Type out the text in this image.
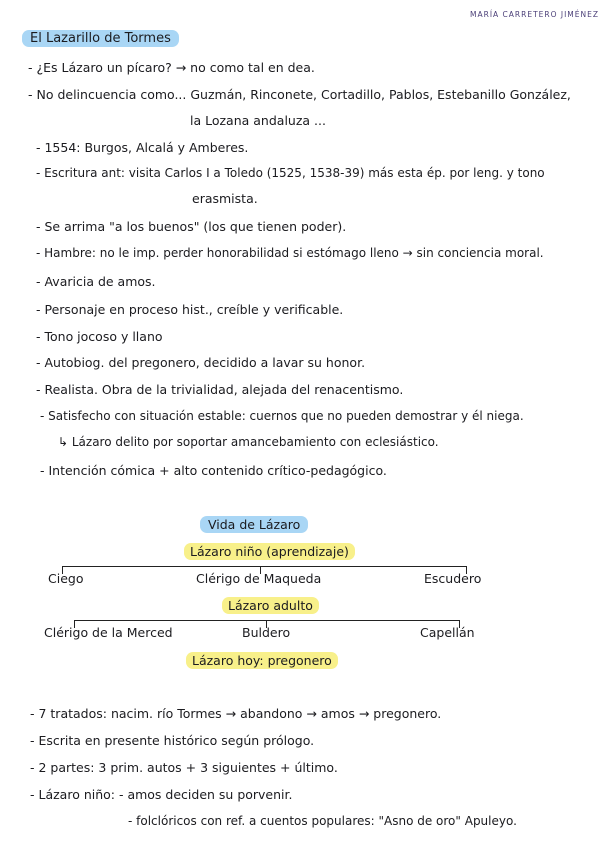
MARÍA CARRETERO JIMÉNEZ
El Lazarillo de Tormes
- ¿Es Lázaro un pícaro? → no como tal en dea.
- No delincuencia como... Guzmán, Rinconete, Cortadillo, Pablos, Estebanillo González,
la Lozana andaluza ...
- 1554: Burgos, Alcalá y Amberes.
- Escritura ant: visita Carlos I a Toledo (1525, 1538-39) más esta ép. por leng. y tono
erasmista.
- Se arrima "a los buenos" (los que tienen poder).
- Hambre: no le imp. perder honorabilidad si estómago lleno → sin conciencia moral.
- Avaricia de amos.
- Personaje en proceso hist., creíble y verificable.
- Tono jocoso y llano
- Autobiog. del pregonero, decidido a lavar su honor.
- Realista. Obra de la trivialidad, alejada del renacentismo.
- Satisfecho con situación estable: cuernos que no pueden demostrar y él niega.
↳ Lázaro delito por soportar amancebamiento con eclesiástico.
- Intención cómica + alto contenido crítico-pedagógico.
Vida de Lázaro
Lázaro niño (aprendizaje)
Ciego	Clérigo de Maqueda	Escudero
Lázaro adulto
Clérigo de la Merced	Buldero	Capellán
Lázaro hoy: pregonero
- 7 tratados: nacim. río Tormes → abandono → amos → pregonero.
- Escrita en presente histórico según prólogo.
- 2 partes: 3 prim. autos + 3 siguientes + último.
- Lázaro niño: - amos deciden su porvenir.
- folclóricos con ref. a cuentos populares: "Asno de oro" Apuleyo.
